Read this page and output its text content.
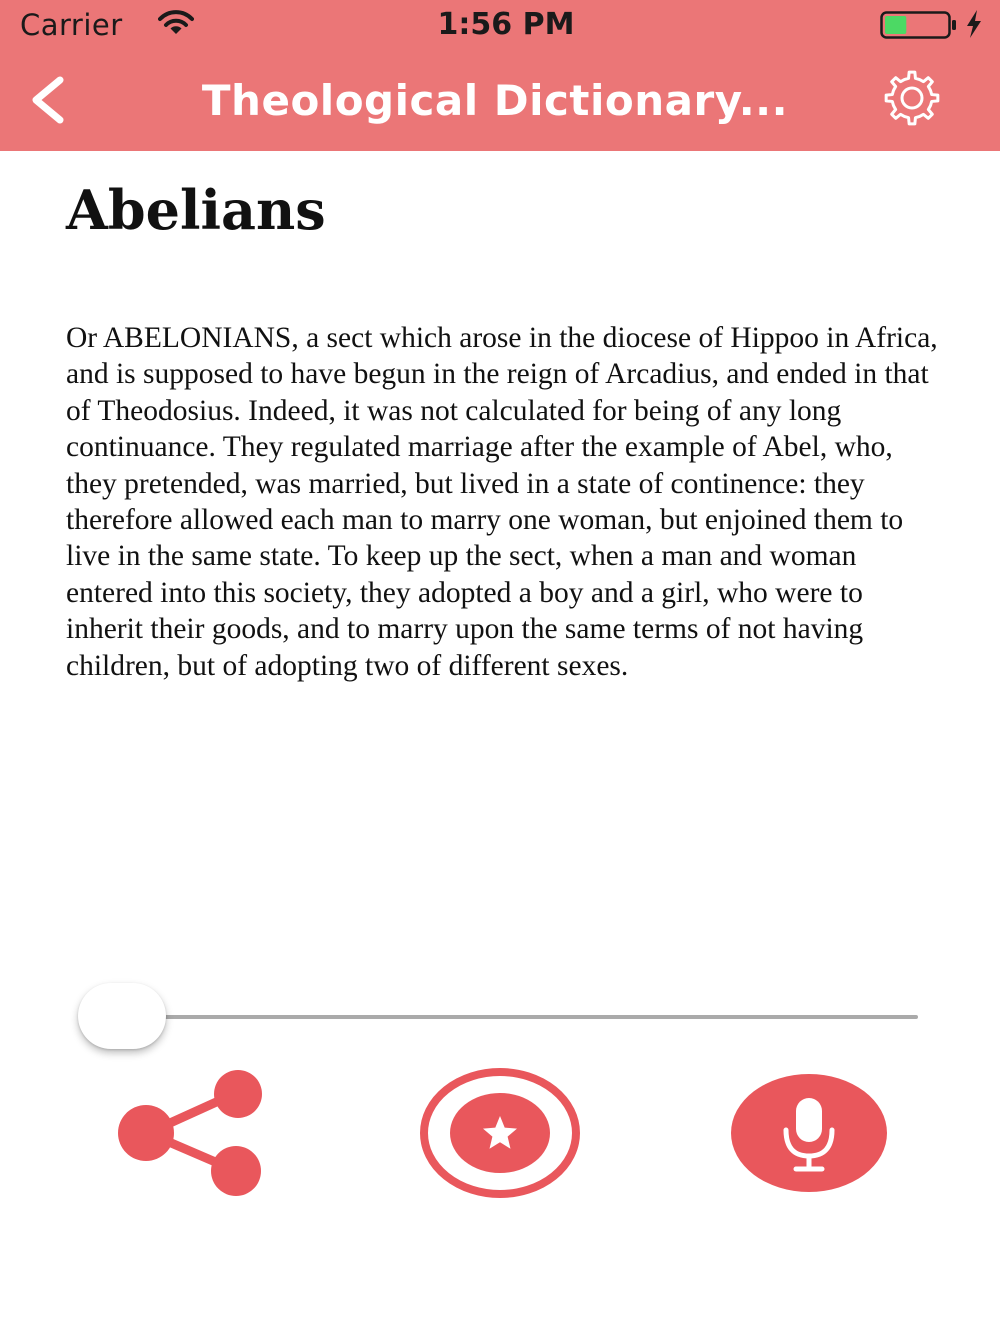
Carrier	1:56 PM
Theological Dictionary...
Abelians

Or ABELONIANS, a sect which arose in the diocese of Hippoo in Africa, and is supposed to have begun in the reign of Arcadius, and ended in that of Theodosius. Indeed, it was not calculated for being of any long continuance. They regulated marriage after the example of Abel, who, they pretended, was married, but lived in a state of continence: they therefore allowed each man to marry one woman, but enjoined them to live in the same state. To keep up the sect, when a man and woman entered into this society, they adopted a boy and a girl, who were to inherit their goods, and to marry upon the same terms of not having children, but of adopting two of different sexes.
